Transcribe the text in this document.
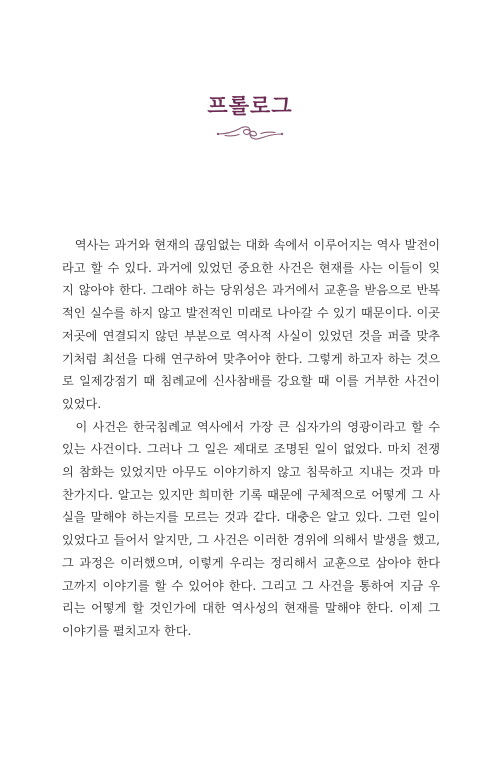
프롤로그
　역사는 과거와 현재의 끊임없는 대화 속에서 이루어지는 역사 발전이
라고 할 수 있다. 과거에 있었던 중요한 사건은 현재를 사는 이들이 잊
지 않아야 한다. 그래야 하는 당위성은 과거에서 교훈을 받음으로 반복
적인 실수를 하지 않고 발전적인 미래로 나아갈 수 있기 때문이다. 이곳
저곳에 연결되지 않던 부분으로 역사적 사실이 있었던 것을 퍼즐 맞추
기처럼 최선을 다해 연구하여 맞추어야 한다. 그렇게 하고자 하는 것으
로 일제강점기 때 침례교에 신사참배를 강요할 때 이를 거부한 사건이
있었다.
　이 사건은 한국침례교 역사에서 가장 큰 십자가의 영광이라고 할 수
있는 사건이다. 그러나 그 일은 제대로 조명된 일이 없었다. 마치 전쟁
의 참화는 있었지만 아무도 이야기하지 않고 침묵하고 지내는 것과 마
찬가지다. 알고는 있지만 희미한 기록 때문에 구체적으로 어떻게 그 사
실을 말해야 하는지를 모르는 것과 같다. 대충은 알고 있다. 그런 일이
있었다고 들어서 알지만, 그 사건은 이러한 경위에 의해서 발생을 했고,
그 과정은 이러했으며, 이렇게 우리는 정리해서 교훈으로 삼아야 한다
고까지 이야기를 할 수 있어야 한다. 그리고 그 사건을 통하여 지금 우
리는 어떻게 할 것인가에 대한 역사성의 현재를 말해야 한다. 이제 그
이야기를 펼치고자 한다.
